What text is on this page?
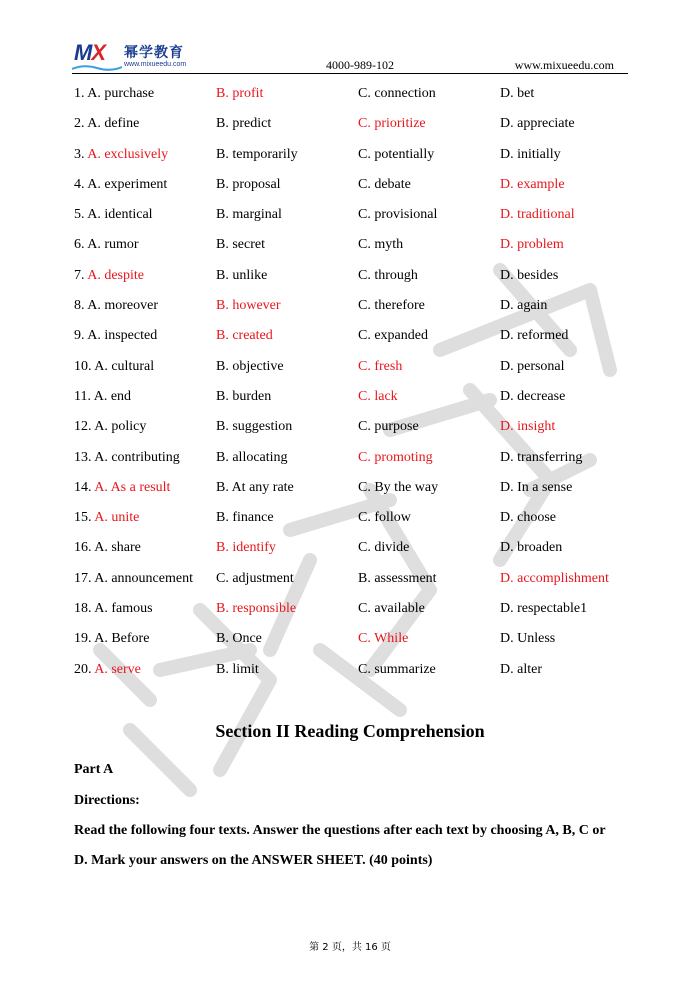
MX 幂学教育
www.mixueedu.com	4000-989-102	www.mixueedu.com
1. A. purchase	B. profit	C. connection	D. bet
2. A. define	B. predict	C. prioritize	D. appreciate
3. A. exclusively	B. temporarily	C. potentially	D. initially
4. A. experiment	B. proposal	C. debate	D. example
5. A. identical	B. marginal	C. provisional	D. traditional
6. A. rumor	B. secret	C. myth	D. problem
7. A. despite	B. unlike	C. through	D. besides
8. A. moreover	B. however	C. therefore	D. again
9. A. inspected	B. created	C. expanded	D. reformed
10. A. cultural	B. objective	C. fresh	D. personal
11. A. end	B. burden	C. lack	D. decrease
12. A. policy	B. suggestion	C. purpose	D. insight
13. A. contributing	B. allocating	C. promoting	D. transferring
14. A. As a result	B. At any rate	C. By the way	D. In a sense
15. A. unite	B. finance	C. follow	D. choose
16. A. share	B. identify	C. divide	D. broaden
17. A. announcement C. adjustment	B. assessment	D. accomplishment
18. A. famous	B. responsible	C. available	D. respectable1
19. A. Before	B. Once	C. While	D. Unless
20. A. serve	B. limit	C. summarize	D. alter
Section II Reading Comprehension
Part A
Directions:
Read the following four texts. Answer the questions after each text by choosing A, B, C or
D. Mark your answers on the ANSWER SHEET. (40 points)
第 2 页，共 16 页
